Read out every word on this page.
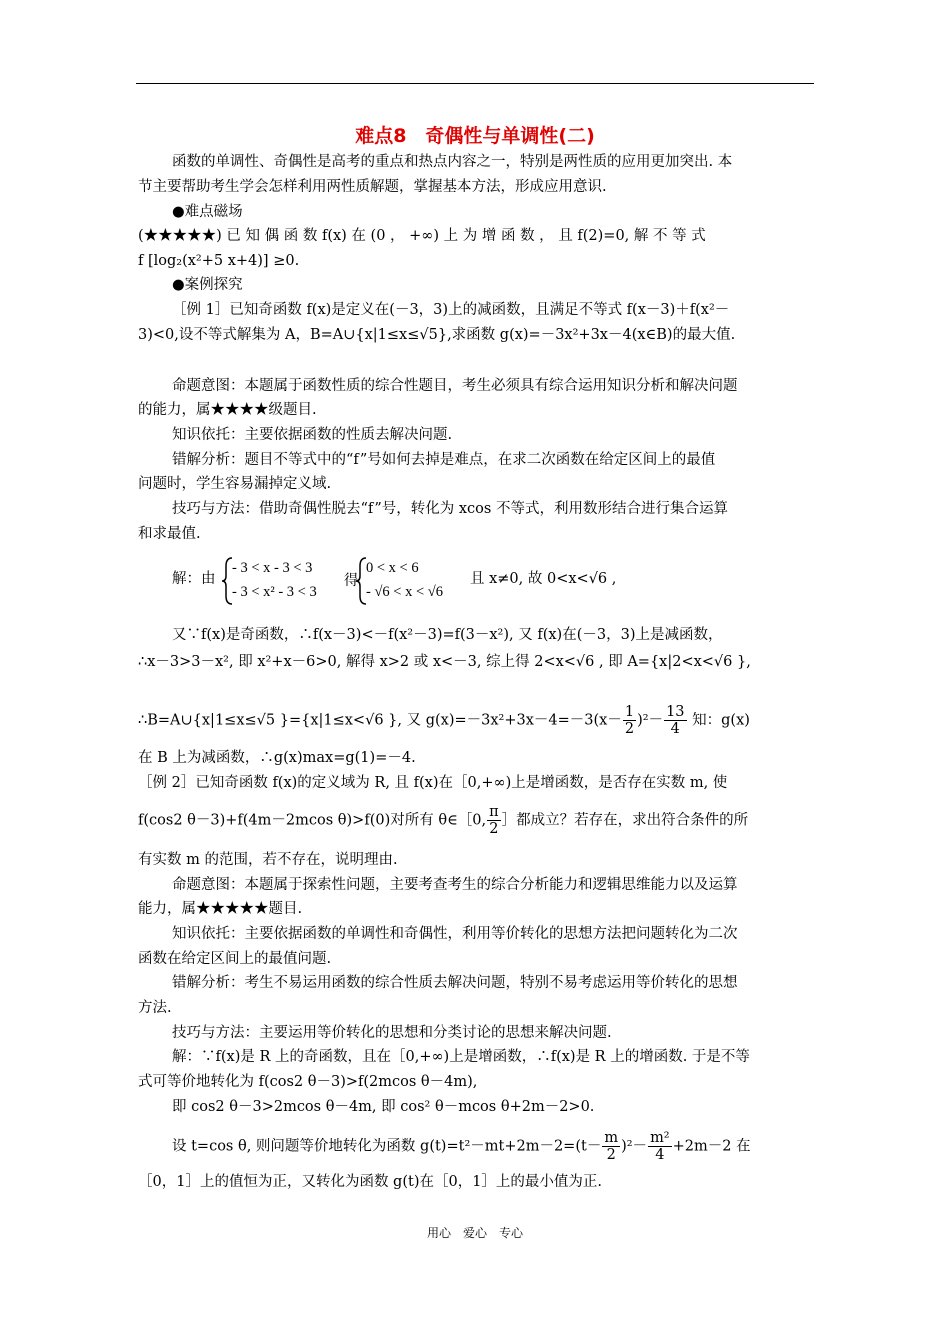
难点8　奇偶性与单调性(二)
函数的单调性、奇偶性是高考的重点和热点内容之一，特别是两性质的应用更加突出. 本
节主要帮助考生学会怎样利用两性质解题，掌握基本方法，形成应用意识.
●难点磁场
(★★★★★) 已 知 偶 函 数 f(x) 在 (0 ， +∞) 上 为 增 函 数 ， 且 f(2)=0, 解 不 等 式
f [log₂(x²+5 x+4)] ≥0.
●案例探究
［例 1］已知奇函数 f(x)是定义在(－3，3)上的减函数，且满足不等式 f(x－3)＋f(x²－
3)<0,设不等式解集为 A，B=A∪{x|1≤x≤√5},求函数 g(x)=－3x²+3x－4(x∈B)的最大值.
命题意图：本题属于函数性质的综合性题目，考生必须具有综合运用知识分析和解决问题
的能力，属★★★★级题目.
知识依托：主要依据函数的性质去解决问题.
错解分析：题目不等式中的“f”号如何去掉是难点，在求二次函数在给定区间上的最值
问题时，学生容易漏掉定义域.
技巧与方法：借助奇偶性脱去“f”号，转化为 xcos 不等式，利用数形结合进行集合运算
和求最值.
解：由
- 3 < x - 3 < 3
- 3 < x² - 3 < 3
得
0 < x < 6
- √6 < x < √6
且 x≠0, 故 0<x<√6 ,
又∵f(x)是奇函数，∴f(x－3)<－f(x²－3)=f(3－x²), 又 f(x)在(－3，3)上是减函数，
∴x－3>3－x², 即 x²+x－6>0, 解得 x>2 或 x<－3, 综上得 2<x<√6 , 即 A={x|2<x<√6 },
∴B=A∪{x|1≤x≤√5 }={x|1≤x<√6 }, 又 $g(x)=-3x^2+3x-4=-3(x- \frac{1}{2} )^2- \frac{13}{4}$ 知：g(x)
在 B 上为减函数，∴g(x)max=g(1)=－4.
［例 2］已知奇函数 f(x)的定义域为 R, 且 f(x)在［0,+∞)上是增函数，是否存在实数 m, 使
f(cos2 θ－3)+f(4m－2mcos θ)>f(0)对所有 θ∈［0, $\frac{\pi}{2}$ ］都成立？若存在，求出符合条件的所
有实数 m 的范围，若不存在，说明理由.
命题意图：本题属于探索性问题，主要考查考生的综合分析能力和逻辑思维能力以及运算
能力，属★★★★★题目.
知识依托：主要依据函数的单调性和奇偶性，利用等价转化的思想方法把问题转化为二次
函数在给定区间上的最值问题.
错解分析：考生不易运用函数的综合性质去解决问题，特别不易考虑运用等价转化的思想
方法.
技巧与方法：主要运用等价转化的思想和分类讨论的思想来解决问题.
解：∵f(x)是 R 上的奇函数，且在［0,+∞)上是增函数，∴f(x)是 R 上的增函数. 于是不等
式可等价地转化为 f(cos2 θ－3)>f(2mcos θ－4m),
即 cos2 θ－3>2mcos θ－4m, 即 cos² θ－mcos θ+2m－2>0.
设 t=cos θ, 则问题等价地转化为函数 $g(t)=t^2-mt+2m-2=(t- \frac{m}{2} )^2- \frac{\text{m²}}{4} +2m-2$ 在
［0，1］上的值恒为正，又转化为函数 g(t)在［0，1］上的最小值为正.
用心　爱心　专心
